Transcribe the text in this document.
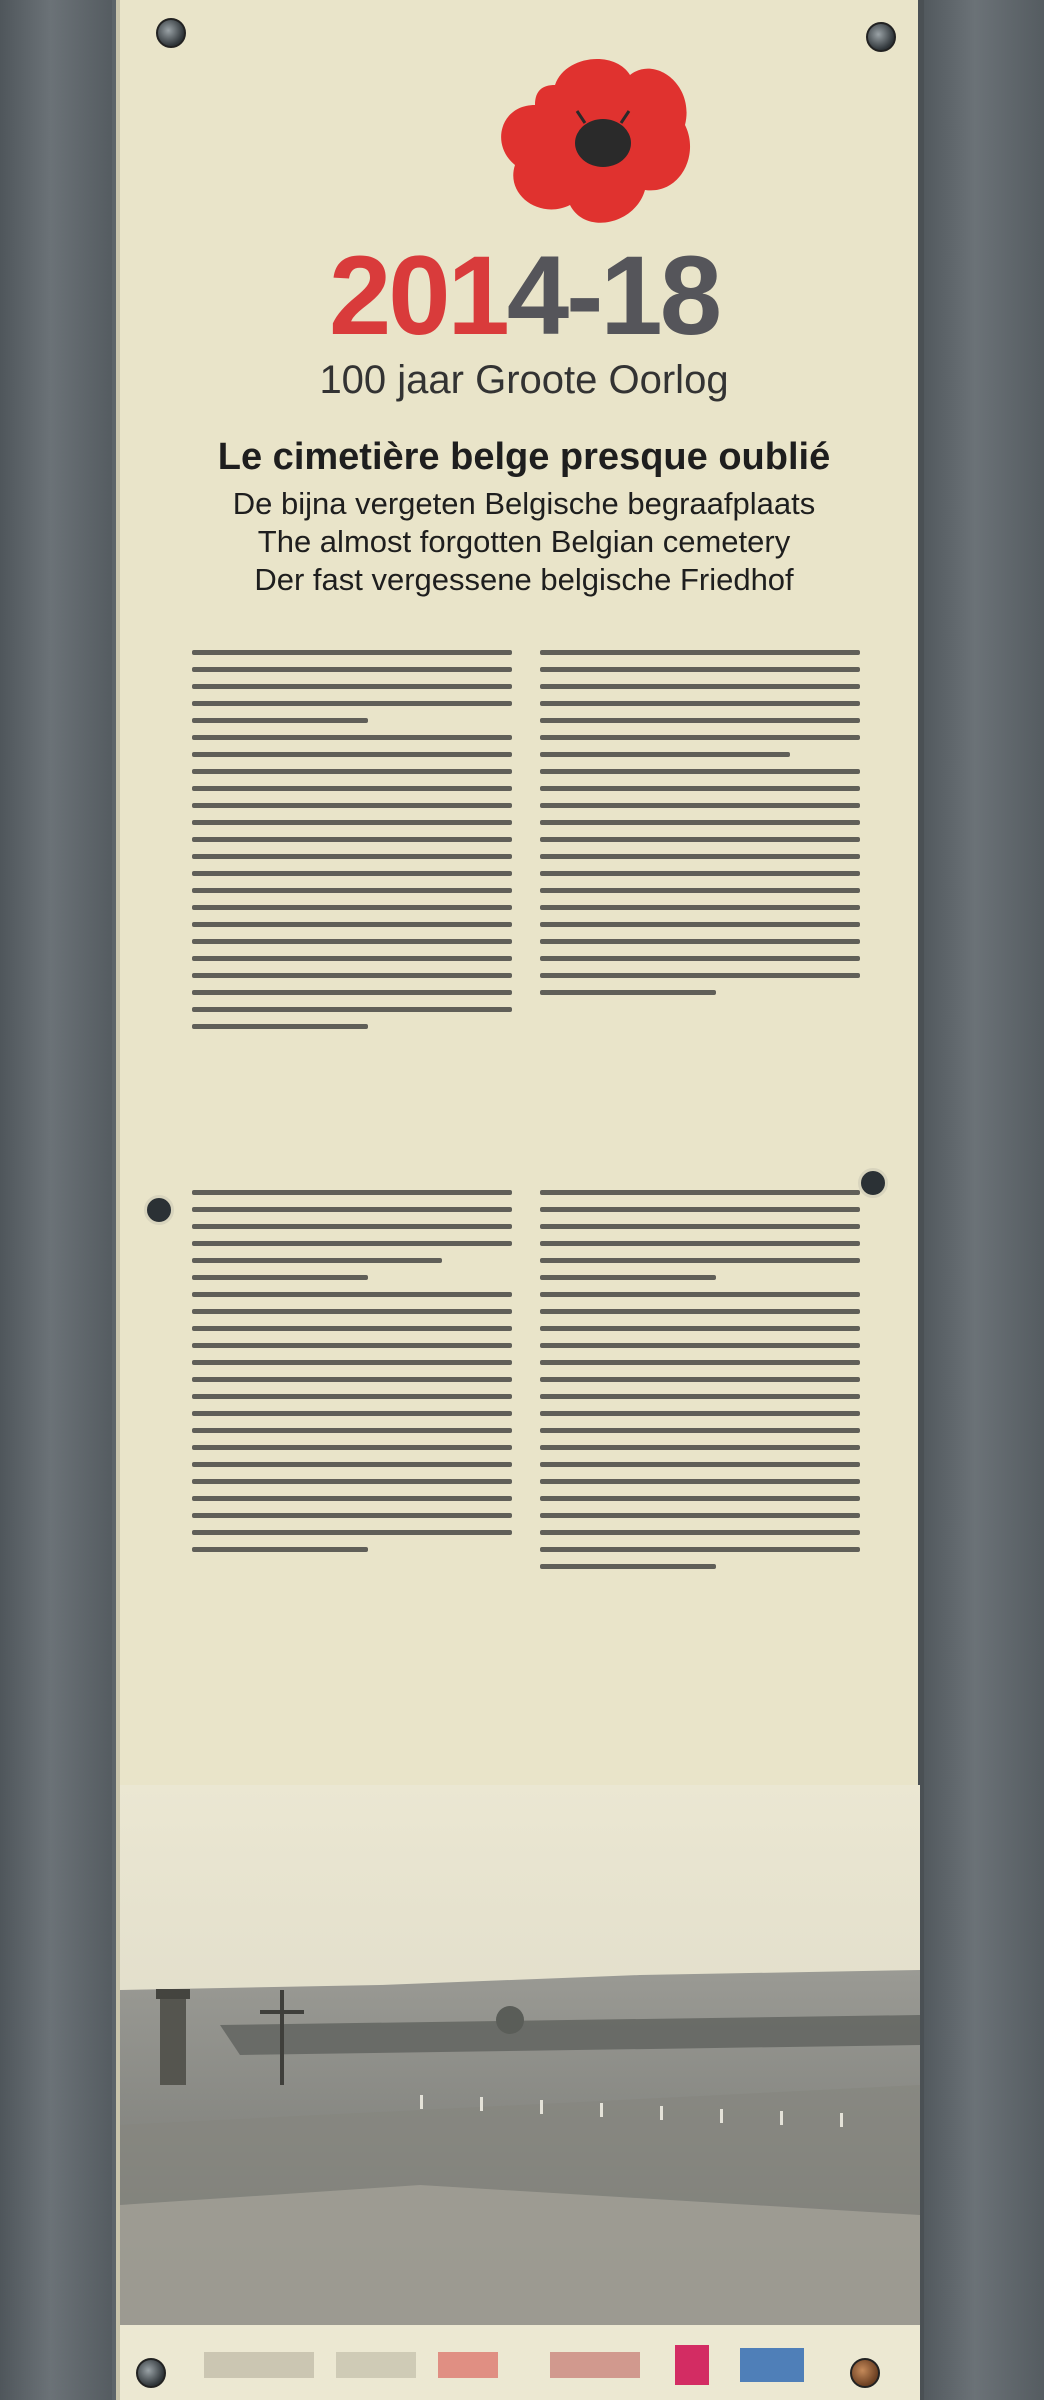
2014-18
100 jaar Groote Oorlog
Le cimetière belge presque oublié
De bijna vergeten Belgische begraafplaats
The almost forgotten Belgian cemetery
Der fast vergessene belgische Friedhof
